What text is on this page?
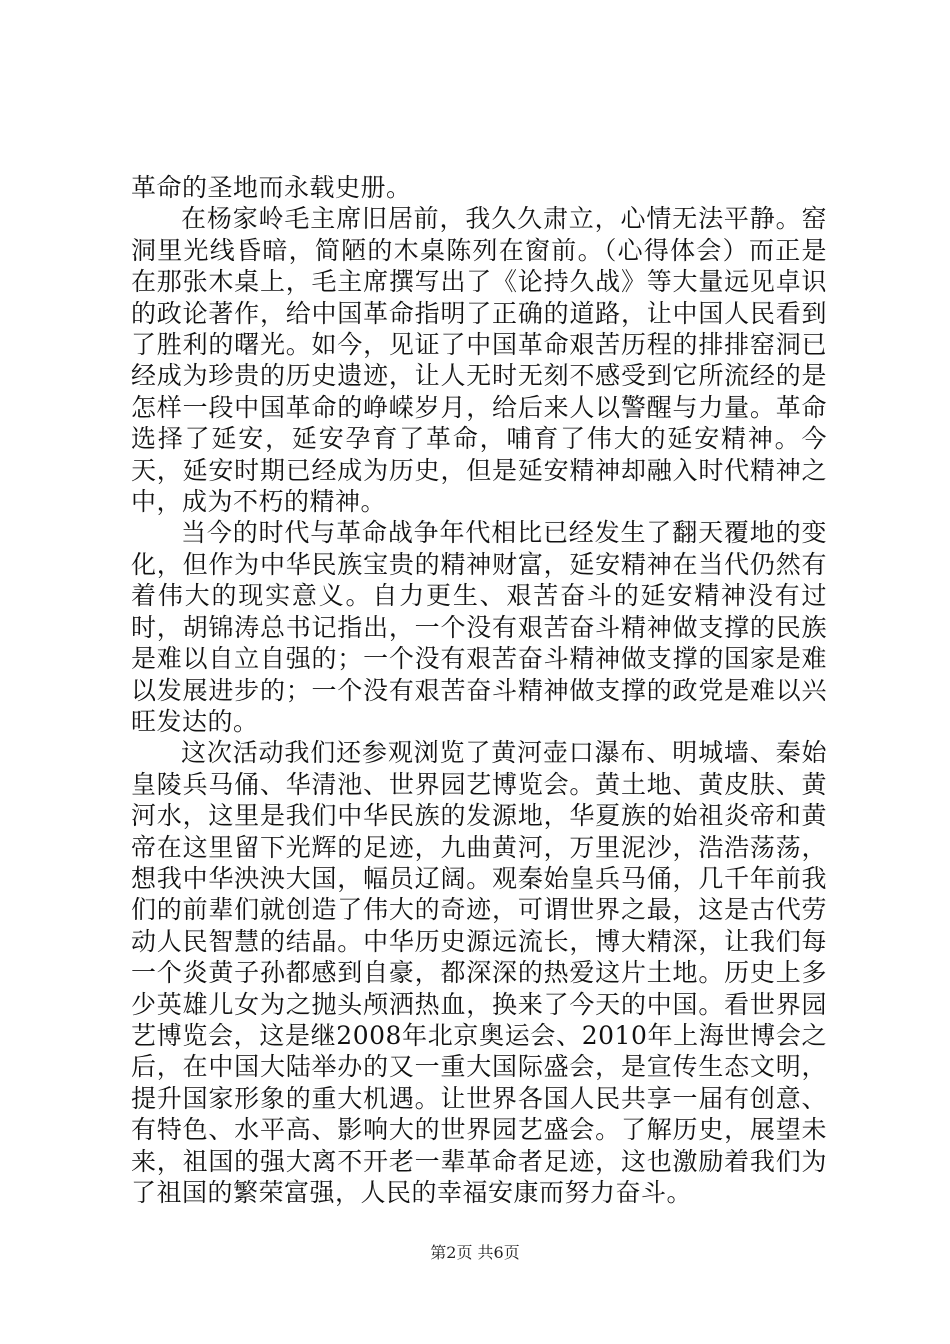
革命的圣地而永载史册。

在杨家岭毛主席旧居前，我久久肃立，心情无法平静。窑洞里光线昏暗，简陋的木桌陈列在窗前。（心得体会）而正是在那张木桌上，毛主席撰写出了《论持久战》等大量远见卓识的政论著作，给中国革命指明了正确的道路，让中国人民看到了胜利的曙光。如今，见证了中国革命艰苦历程的排排窑洞已经成为珍贵的历史遗迹，让人无时无刻不感受到它所流经的是怎样一段中国革命的峥嵘岁月，给后来人以警醒与力量。革命选择了延安，延安孕育了革命，哺育了伟大的延安精神。今天，延安时期已经成为历史，但是延安精神却融入时代精神之中，成为不朽的精神。

当今的时代与革命战争年代相比已经发生了翻天覆地的变化，但作为中华民族宝贵的精神财富，延安精神在当代仍然有着伟大的现实意义。自力更生、艰苦奋斗的延安精神没有过时，胡锦涛总书记指出，一个没有艰苦奋斗精神做支撑的民族是难以自立自强的；一个没有艰苦奋斗精神做支撑的国家是难以发展进步的；一个没有艰苦奋斗精神做支撑的政党是难以兴旺发达的。

这次活动我们还参观浏览了黄河壶口瀑布、明城墙、秦始皇陵兵马俑、华清池、世界园艺博览会。黄土地、黄皮肤、黄河水，这里是我们中华民族的发源地，华夏族的始祖炎帝和黄帝在这里留下光辉的足迹，九曲黄河，万里泥沙，浩浩荡荡，想我中华泱泱大国，幅员辽阔。观秦始皇兵马俑，几千年前我们的前辈们就创造了伟大的奇迹，可谓世界之最，这是古代劳动人民智慧的结晶。中华历史源远流长，博大精深，让我们每一个炎黄子孙都感到自豪，都深深的热爱这片土地。历史上多少英雄儿女为之抛头颅洒热血，换来了今天的中国。看世界园艺博览会，这是继2008年北京奥运会、2010年上海世博会之后，在中国大陆举办的又一重大国际盛会，是宣传生态文明，提升国家形象的重大机遇。让世界各国人民共享一届有创意、有特色、水平高、影响大的世界园艺盛会。了解历史，展望未来，祖国的强大离不开老一辈革命者足迹，这也激励着我们为了祖国的繁荣富强，人民的幸福安康而努力奋斗。

第2页 共6页
